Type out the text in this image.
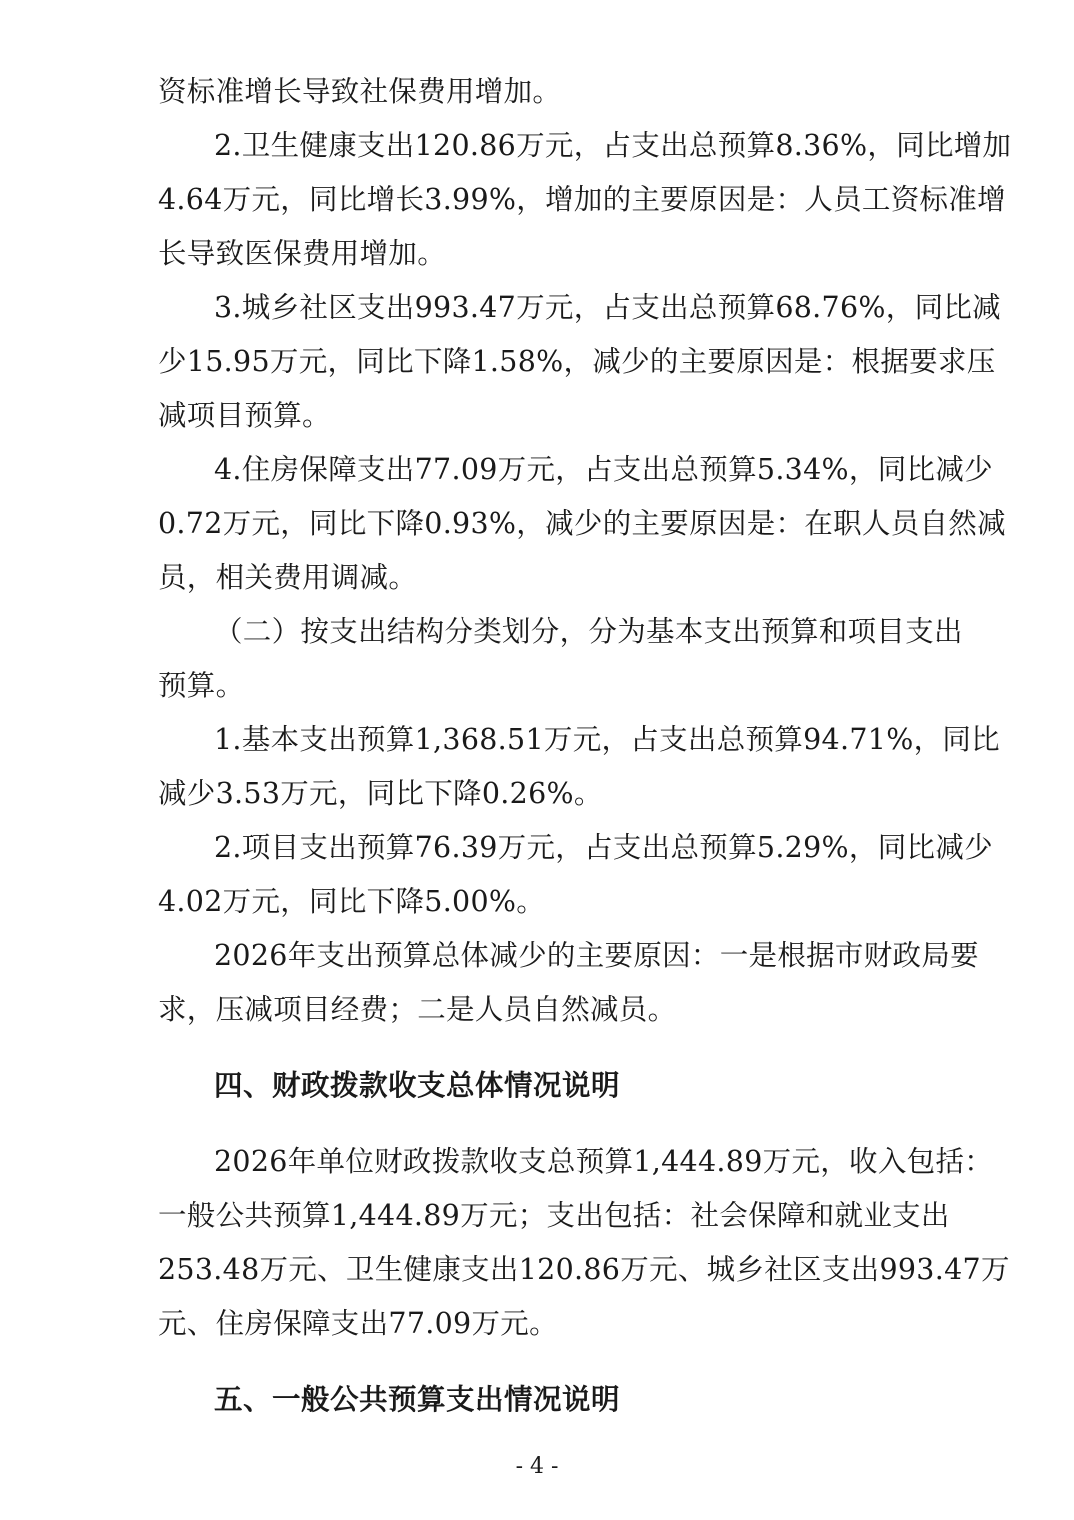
资标准增长导致社保费用增加。
2.卫生健康支出120.86万元，占支出总预算8.36%，同比增加
4.64万元，同比增长3.99%，增加的主要原因是：人员工资标准增
长导致医保费用增加。
3.城乡社区支出993.47万元，占支出总预算68.76%，同比减
少15.95万元，同比下降1.58%，减少的主要原因是：根据要求压
减项目预算。
4.住房保障支出77.09万元，占支出总预算5.34%，同比减少
0.72万元，同比下降0.93%，减少的主要原因是：在职人员自然减
员，相关费用调减。
（二）按支出结构分类划分，分为基本支出预算和项目支出
预算。
1.基本支出预算1,368.51万元，占支出总预算94.71%，同比
减少3.53万元，同比下降0.26%。
2.项目支出预算76.39万元，占支出总预算5.29%，同比减少
4.02万元，同比下降5.00%。
2026年支出预算总体减少的主要原因：一是根据市财政局要
求，压减项目经费；二是人员自然减员。
四、财政拨款收支总体情况说明
2026年单位财政拨款收支总预算1,444.89万元，收入包括：
一般公共预算1,444.89万元；支出包括：社会保障和就业支出
253.48万元、卫生健康支出120.86万元、城乡社区支出993.47万
元、住房保障支出77.09万元。
五、一般公共预算支出情况说明
- 4 -
